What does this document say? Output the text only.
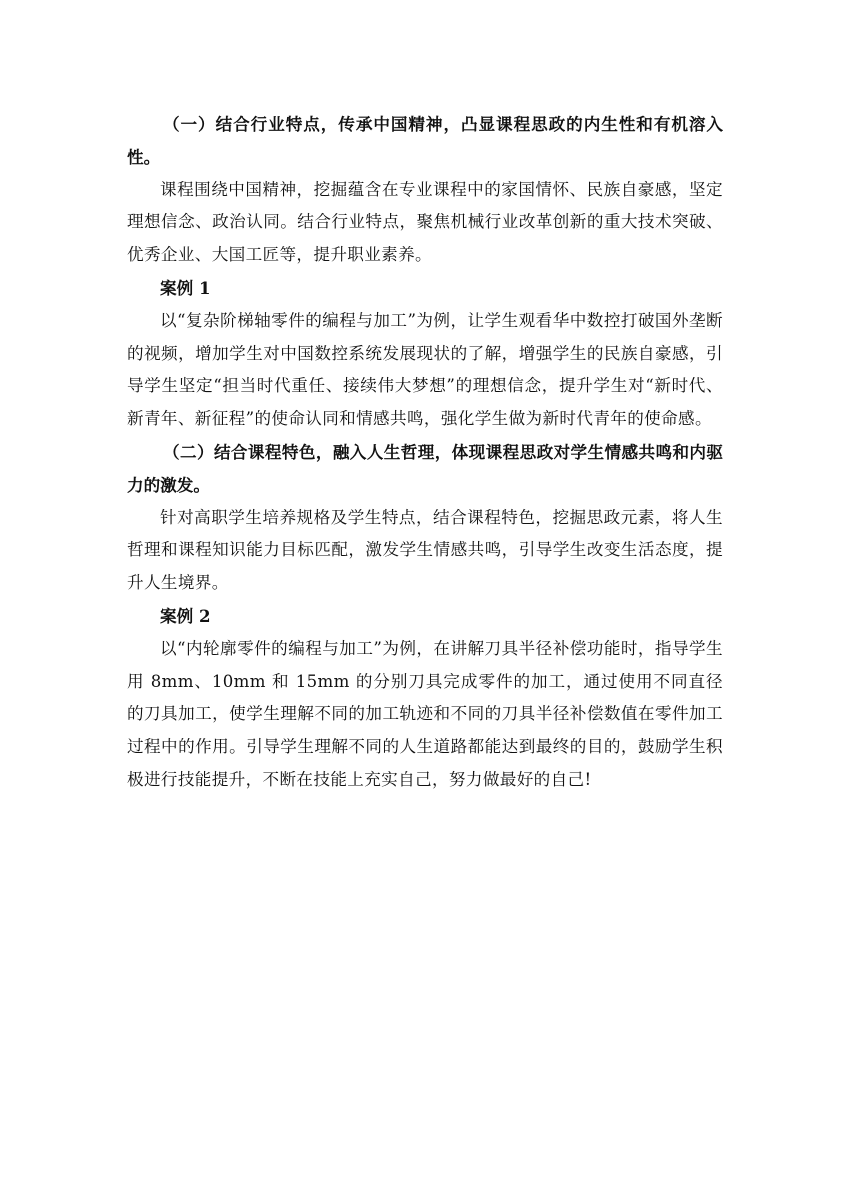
（一）结合行业特点，传承中国精神，凸显课程思政的内生性和有机溶入性。

课程围绕中国精神，挖掘蕴含在专业课程中的家国情怀、民族自豪感，坚定理想信念、政治认同。结合行业特点，聚焦机械行业改革创新的重大技术突破、优秀企业、大国工匠等，提升职业素养。

案例 1

以“复杂阶梯轴零件的编程与加工”为例，让学生观看华中数控打破国外垄断的视频，增加学生对中国数控系统发展现状的了解，增强学生的民族自豪感，引导学生坚定“担当时代重任、接续伟大梦想”的理想信念，提升学生对“新时代、新青年、新征程”的使命认同和情感共鸣，强化学生做为新时代青年的使命感。

（二）结合课程特色，融入人生哲理，体现课程思政对学生情感共鸣和内驱力的激发。

针对高职学生培养规格及学生特点，结合课程特色，挖掘思政元素，将人生哲理和课程知识能力目标匹配，激发学生情感共鸣，引导学生改变生活态度，提升人生境界。

案例 2

以“内轮廓零件的编程与加工”为例，在讲解刀具半径补偿功能时，指导学生用 8mm、10mm 和 15mm 的分别刀具完成零件的加工，通过使用不同直径的刀具加工，使学生理解不同的加工轨迹和不同的刀具半径补偿数值在零件加工过程中的作用。引导学生理解不同的人生道路都能达到最终的目的，鼓励学生积极进行技能提升，不断在技能上充实自己，努力做最好的自己!
